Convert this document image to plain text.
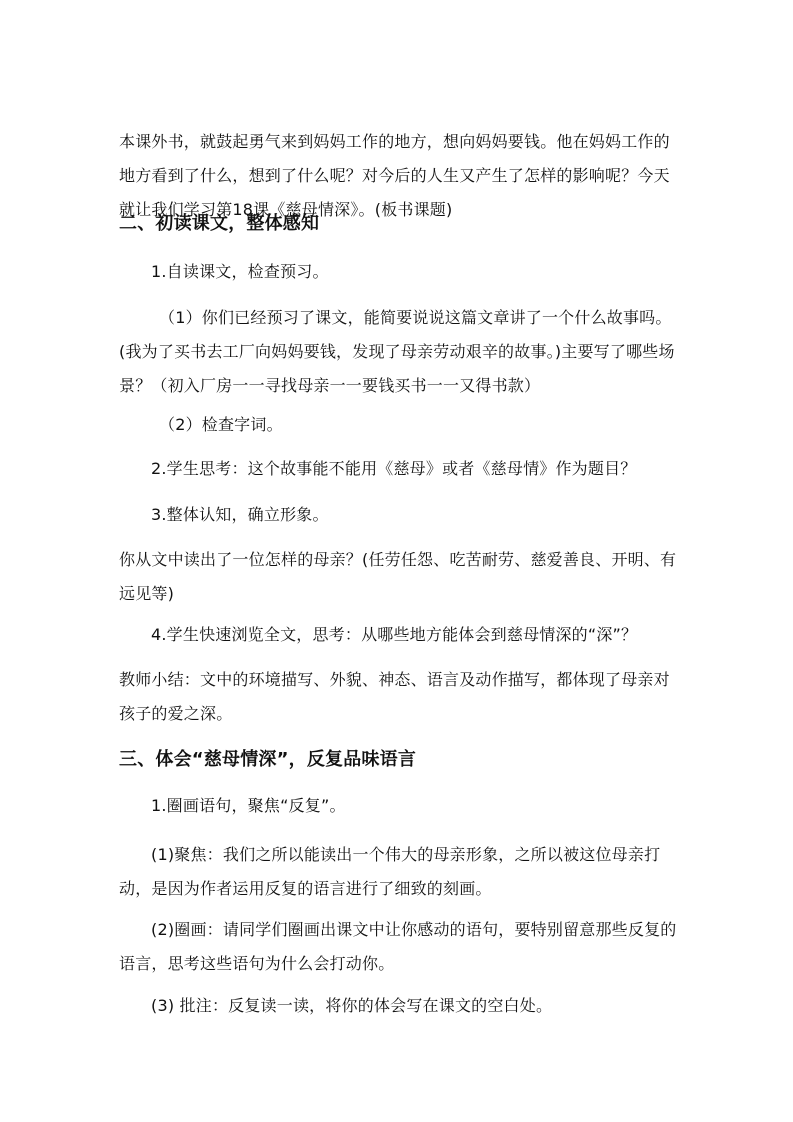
本课外书，就鼓起勇气来到妈妈工作的地方，想向妈妈要钱。他在妈妈工作的地方看到了什么，想到了什么呢？对今后的人生又产生了怎样的影响呢？今天就让我们学习第18课《慈母情深》。(板书课题)
二、初读课文，整体感知
1.自读课文，检查预习。
（1）你们已经预习了课文，能简要说说这篇文章讲了一个什么故事吗。(我为了买书去工厂向妈妈要钱，发现了母亲劳动艰辛的故事。)主要写了哪些场景？（初入厂房一一寻找母亲一一要钱买书一一又得书款）
（2）检查字词。
2.学生思考：这个故事能不能用《慈母》或者《慈母情》作为题目？
3.整体认知，确立形象。
你从文中读出了一位怎样的母亲？(任劳任怨、吃苦耐劳、慈爱善良、开明、有远见等)
4.学生快速浏览全文，思考：从哪些地方能体会到慈母情深的“深”？
教师小结：文中的环境描写、外貌、神态、语言及动作描写，都体现了母亲对孩子的爱之深。
三、体会“慈母情深”，反复品味语言
1.圈画语句，聚焦“反复”。
(1)聚焦：我们之所以能读出一个伟大的母亲形象，之所以被这位母亲打动，是因为作者运用反复的语言进行了细致的刻画。
(2)圈画：请同学们圈画出课文中让你感动的语句，要特别留意那些反复的语言，思考这些语句为什么会打动你。
(3) 批注：反复读一读，将你的体会写在课文的空白处。
